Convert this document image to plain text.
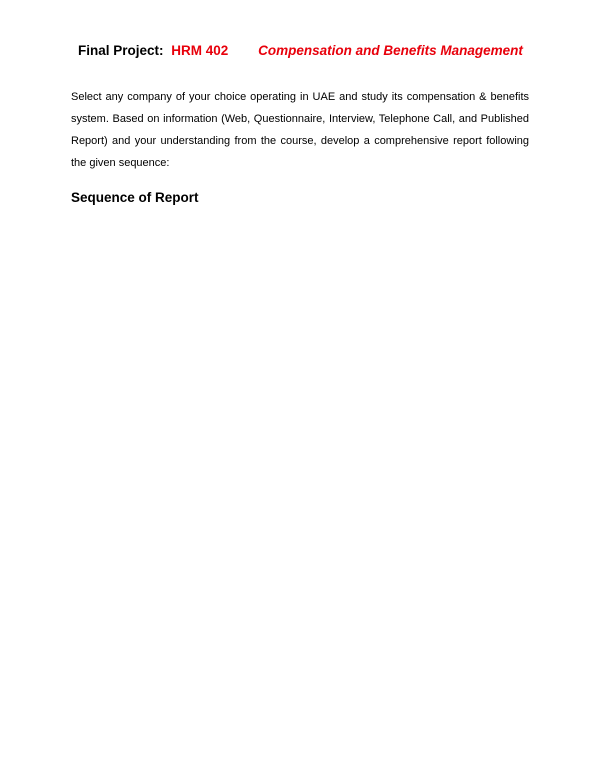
Final Project: HRM 402 Compensation and Benefits Management

Select any company of your choice operating in UAE and study its compensation & benefits system. Based on information (Web, Questionnaire, Interview, Telephone Call, and Published Report) and your understanding from the course, develop a comprehensive report following the given sequence:

Sequence of Report
